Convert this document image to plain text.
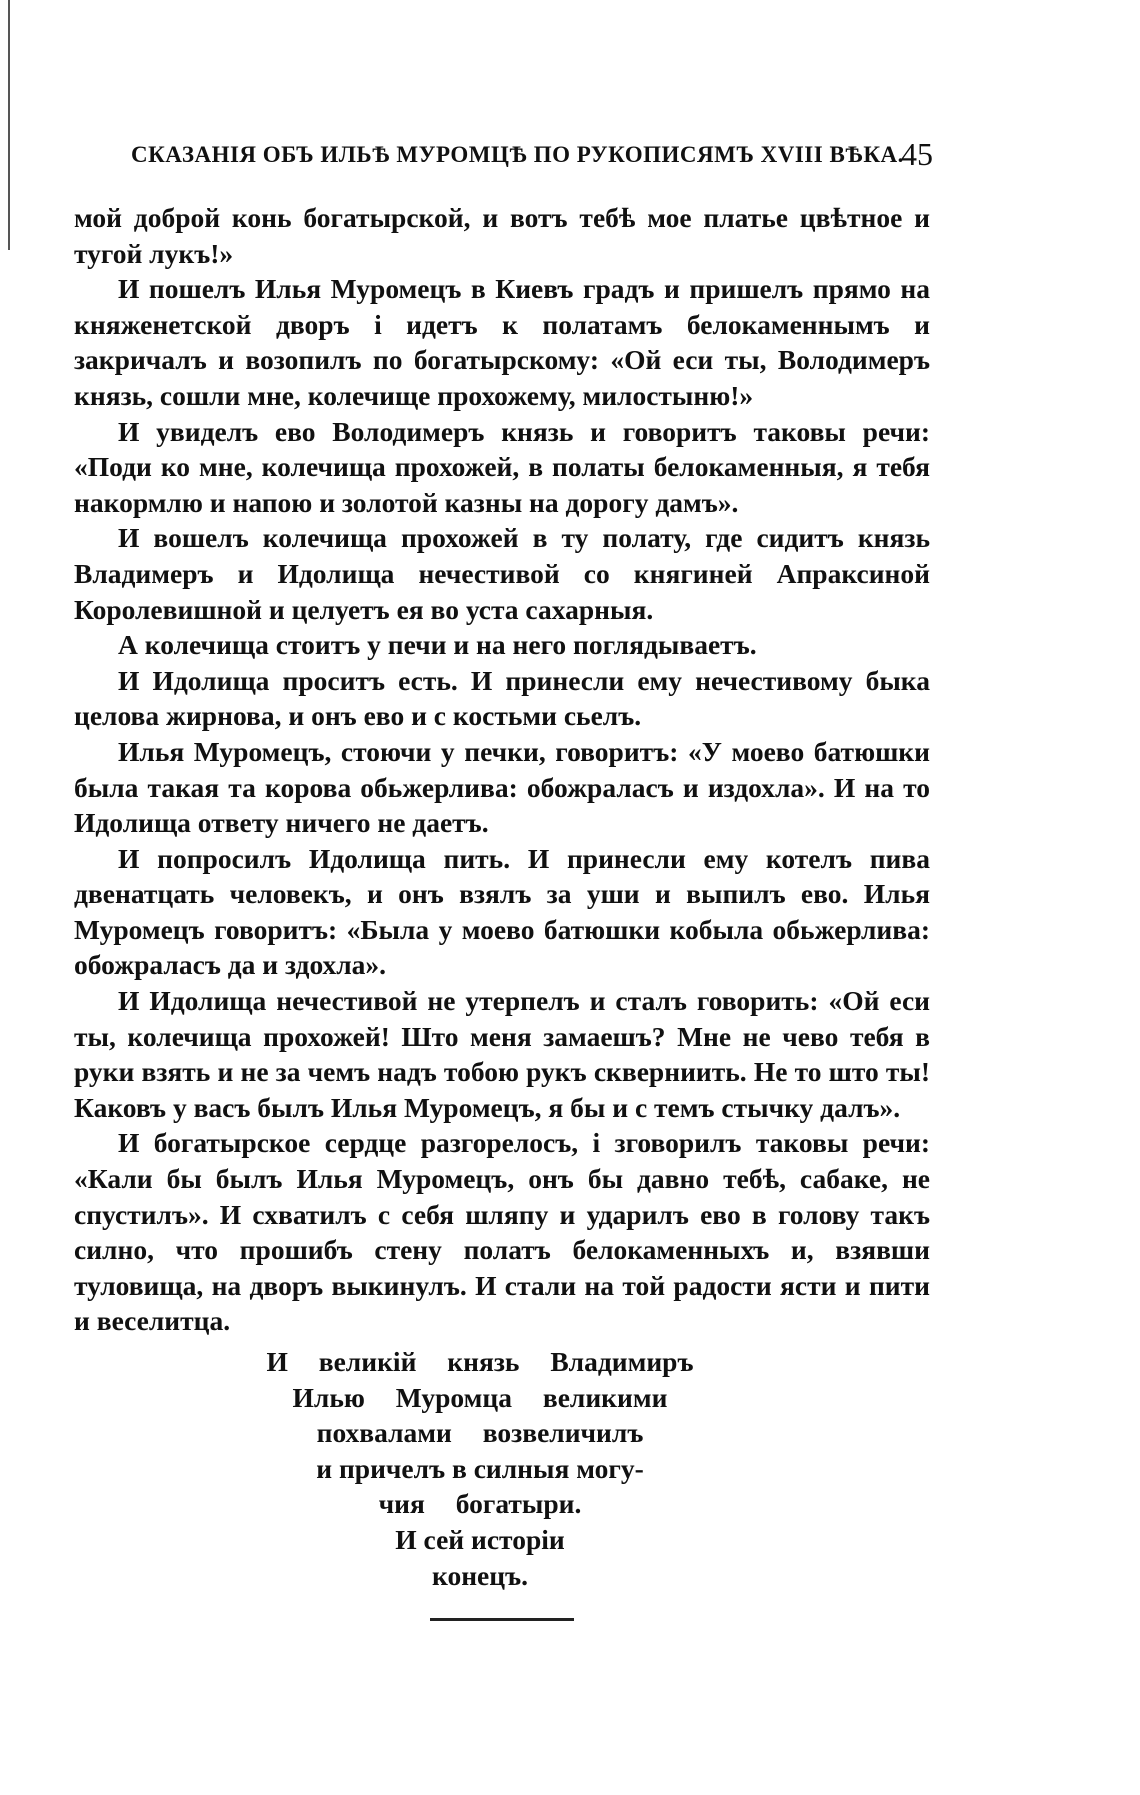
СКАЗАНІЯ ОБЪ ИЛЬѢ МУРОМЦѢ ПО РУКОПИСЯМЪ XVIII ВѢКА.
45

мой доброй конь богатырской, и вотъ тебѣ мое платье цвѣтное и тугой лукъ!»

И пошелъ Илья Муромецъ в Киевъ градъ и пришелъ прямо на княженетской дворъ і идетъ к полатамъ белокаменнымъ и закричалъ и возопилъ по богатырскому: «Ой еси ты, Володимеръ князь, сошли мне, колечище прохожему, милостыню!»

И увиделъ ево Володимеръ князь и говоритъ таковы речи: «Поди ко мне, колечища прохожей, в полаты белокаменныя, я тебя накормлю и напою и золотой казны на дорогу дамъ».

И вошелъ колечища прохожей в ту полату, где сидитъ князь Владимеръ и Идолища нечестивой со княгиней Апраксиной Королевишной и целуетъ ея во уста сахарныя.

А колечища стоитъ у печи и на него поглядываетъ.

И Идолища проситъ есть. И принесли ему нечестивому быка целова жирнова, и онъ ево и с костьми сьелъ.

Илья Муромецъ, стоючи у печки, говоритъ: «У моево батюшки была такая та корова обьжерлива: обожраласъ и издохла». И на то Идолища ответу ничего не даетъ.

И попросилъ Идолища пить. И принесли ему котелъ пива двенатцать человекъ, и онъ взялъ за уши и выпилъ ево. Илья Муромецъ говоритъ: «Была у моево батюшки кобыла обьжерлива: обожраласъ да и здохла».

И Идолища нечестивой не утерпелъ и сталъ говорить: «Ой еси ты, колечища прохожей! Што меня замаешъ? Мне не чево тебя в руки взять и не за чемъ надъ тобою рукъ скверниить. Не то што ты! Каковъ у васъ былъ Илья Муромецъ, я бы и с темъ стычку далъ».

И богатырское сердце разгорелосъ, і зговорилъ таковы речи: «Кали бы былъ Илья Муромецъ, онъ бы давно тебѣ, сабаке, не спустилъ». И схватилъ с себя шляпу и ударилъ ево в голову такъ силно, что прошибъ стену полатъ белокаменныхъ и, взявши туловища, на дворъ выкинулъ. И стали на той радости ясти и пити и веселитца.

И великій князь Владимиръ
Илью Муромца великими
похвалами возвеличилъ
и причелъ в силныя могу-
чия богатыри.
И сей исторіи
конецъ.
